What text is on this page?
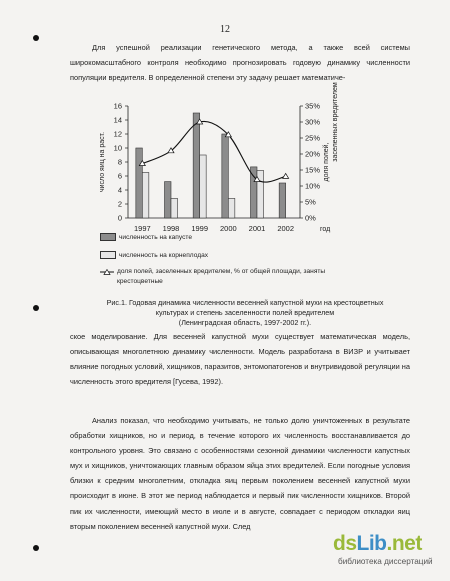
12
Для успешной реализации генетического метода, а также всей системы широкомасштабного контроля необходимо прогнозировать годовую динамику численности популяции вредителя. В определенной степени эту задачу решает математиче-
16
14
12
10
8
6
4
2
0
35%
30%
25%
20%
15%
10%
5%
0%
число яиц на раст.	доля полей,
заселенных вредителем
1997 1998 1999 2000 2001 2002	год
численность на капусте
численность на корнеплодах
доля полей, заселенных вредителем, % от общей площади, заняты
крестоцветные
Рис.1. Годовая динамика численности весенней капустной мухи на крестоцветных
культурах и степень заселенности полей вредителем
(Ленинградская область, 1997-2002 гг.).
ское моделирование. Для весенней капустной мухи существует математическая модель, описывающая многолетнюю динамику численности. Модель разработана в ВИЗР и учитывает влияние погодных условий, хищников, паразитов, энтомопатогенов и внутривидовой регуляции на численность этого вредителя [Гусева, 1992).
Анализ показал, что необходимо учитывать, не только долю уничтоженных в результате обработки хищников, но и период, в течение которого их численность восстанавливается до контрольного уровня. Это связано с особенностями сезонной динамики численности капустных мух и хищников, уничтожающих главным образом яйца этих вредителей. Если погодные условия близки к средним многолетним, откладка яиц первым поколением весенней капустной мухи происходит в июне. В этот же период наблюдается и первый пик численности хищников. Второй пик их численности, имеющий место в июле и в августе, совпадает с периодом откладки яиц вторым поколением весенней капустной мухи. След
dsLib.net
библиотека диссертаций
